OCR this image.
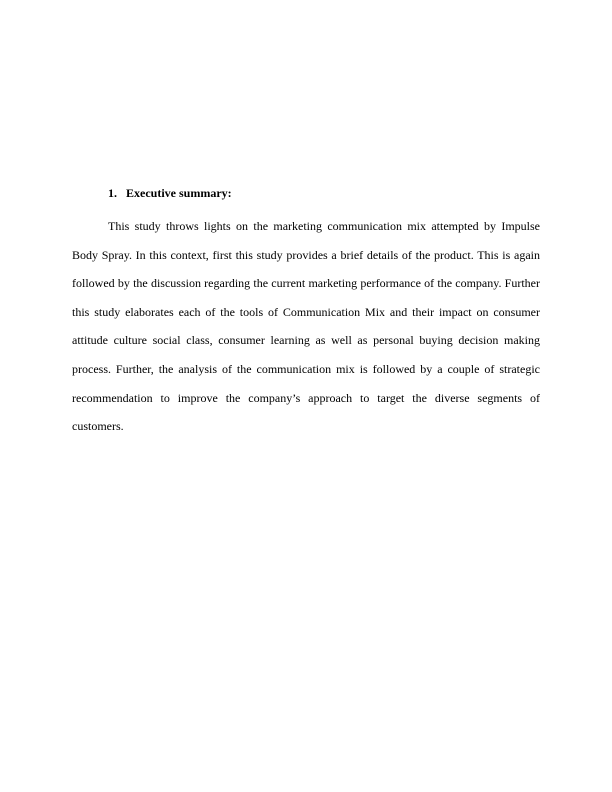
1. Executive summary:

This study throws lights on the marketing communication mix attempted by Impulse Body Spray. In this context, first this study provides a brief details of the product. This is again followed by the discussion regarding the current marketing performance of the company. Further this study elaborates each of the tools of Communication Mix and their impact on consumer attitude culture social class, consumer learning as well as personal buying decision making process. Further, the analysis of the communication mix is followed by a couple of strategic recommendation to improve the company’s approach to target the diverse segments of customers.
